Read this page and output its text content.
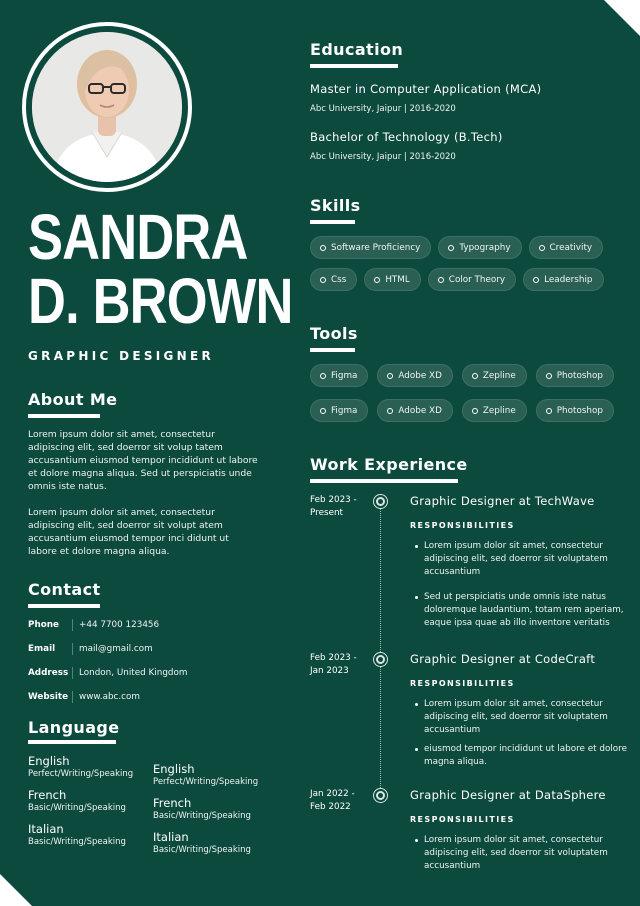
SANDRA
D. BROWN
GRAPHIC DESIGNER
About Me

Lorem ipsum dolor sit amet, consectetur adipiscing elit, sed doerror sit volup tatem accusantium eiusmod tempor incididunt ut labore et dolore magna aliqua. Sed ut perspiciatis unde omnis iste natus.

Lorem ipsum dolor sit amet, consectetur adipiscing elit, sed doerror sit volupt atem accusantium eiusmod tempor inci didunt ut labore et dolore magna aliqua.

Contact
Phone	+44 7700 123456
Email	mail@gmail.com
Address	London, United Kingdom
Website	www.abc.com
Language
English
Perfect/Writing/Speaking
French
Basic/Writing/Speaking
Italian
Basic/Writing/Speaking
English
Perfect/Writing/Speaking
French
Basic/Writing/Speaking
Italian
Basic/Writing/Speaking
Education
Master in Computer Application (MCA)
Abc University, Jaipur | 2016-2020
Bachelor of Technology (B.Tech)
Abc University, Jaipur | 2016-2020
Skills
Software Proficiency	Typography	Creativity
Css	HTML	Color Theory	Leadership
Tools
Figma	Adobe XD	Zepline	Photoshop
Figma	Adobe XD	Zepline	Photoshop
Work Experience
Feb 2023 -
Present
Graphic Designer at TechWave
RESPONSIBILITIES
Lorem ipsum dolor sit amet, consectetur adipiscing elit, sed doerror sit voluptatem accusantium
Sed ut perspiciatis unde omnis iste natus doloremque laudantium, totam rem aperiam, eaque ipsa quae ab illo inventore veritatis
Feb 2023 -
Jan 2023
Graphic Designer at CodeCraft
RESPONSIBILITIES
Lorem ipsum dolor sit amet, consectetur adipiscing elit, sed doerror sit voluptatem accusantium
eiusmod tempor incididunt ut labore et dolore magna aliqua.
Jan 2022 -
Feb 2022
Graphic Designer at DataSphere
RESPONSIBILITIES
Lorem ipsum dolor sit amet, consectetur adipiscing elit, sed doerror sit voluptatem accusantium
